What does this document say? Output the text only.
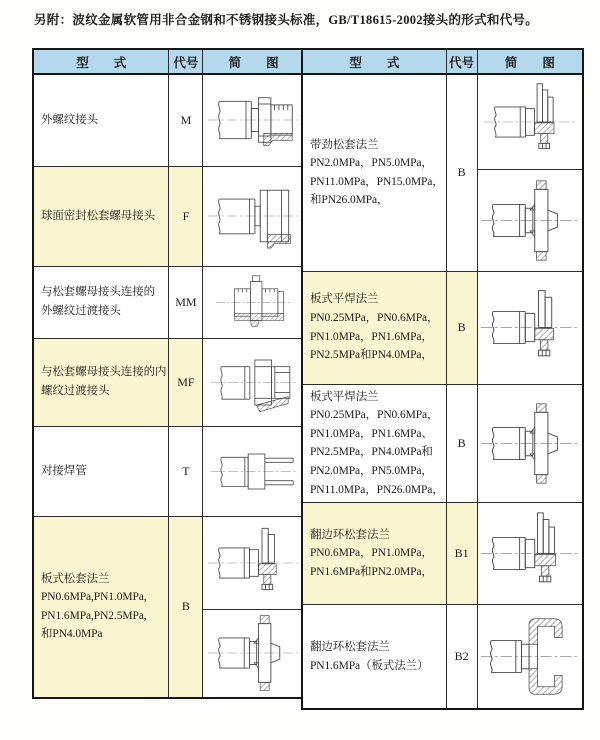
另附：波纹金属软管用非合金钢和不锈钢接头标准，GB/T18615-2002接头的形式和代号。
型　　式	代号	简　　图

外螺纹接头	M	

球面密封松套螺母接头	F	

与松套螺母接头连接的
外螺纹过渡接头	MM	

与松套螺母接头连接的内
螺纹过渡接头	MF	

对接焊管	T	

板式松套法兰
PN0.6MPa,PN1.0MPa,
PN1.6MPa,PN2.5MPa,
和PN4.0MPa	B	

型　　式	代号	简　　图

带劲松套法兰
PN2.0MPa，PN5.0MPa，
PN11.0MPa，PN15.0MPa，
和PN26.0MPa，	B	

板式平焊法兰
PN0.25MPa，PN0.6MPa，
PN1.0MPa，PN1.6MPa，
PN2.5MPa和PN4.0MPa，	B	

板式平焊法兰
PN0.25MPa，PN0.6MPa，
PN1.0MPa，PN1.6MPa、
PN2.5MPa，PN4.0MPa和
PN2.0MPa，PN5.0MPa，
PN11.0MPa，PN26.0MPa，
	B	

翻边环松套法兰
PN0.6MPa，PN1.0MPa，
PN1.6MPa和PN2.0MPa，	B1	

翻边环松套法兰
PN1.6MPa（板式法兰）	B2	
